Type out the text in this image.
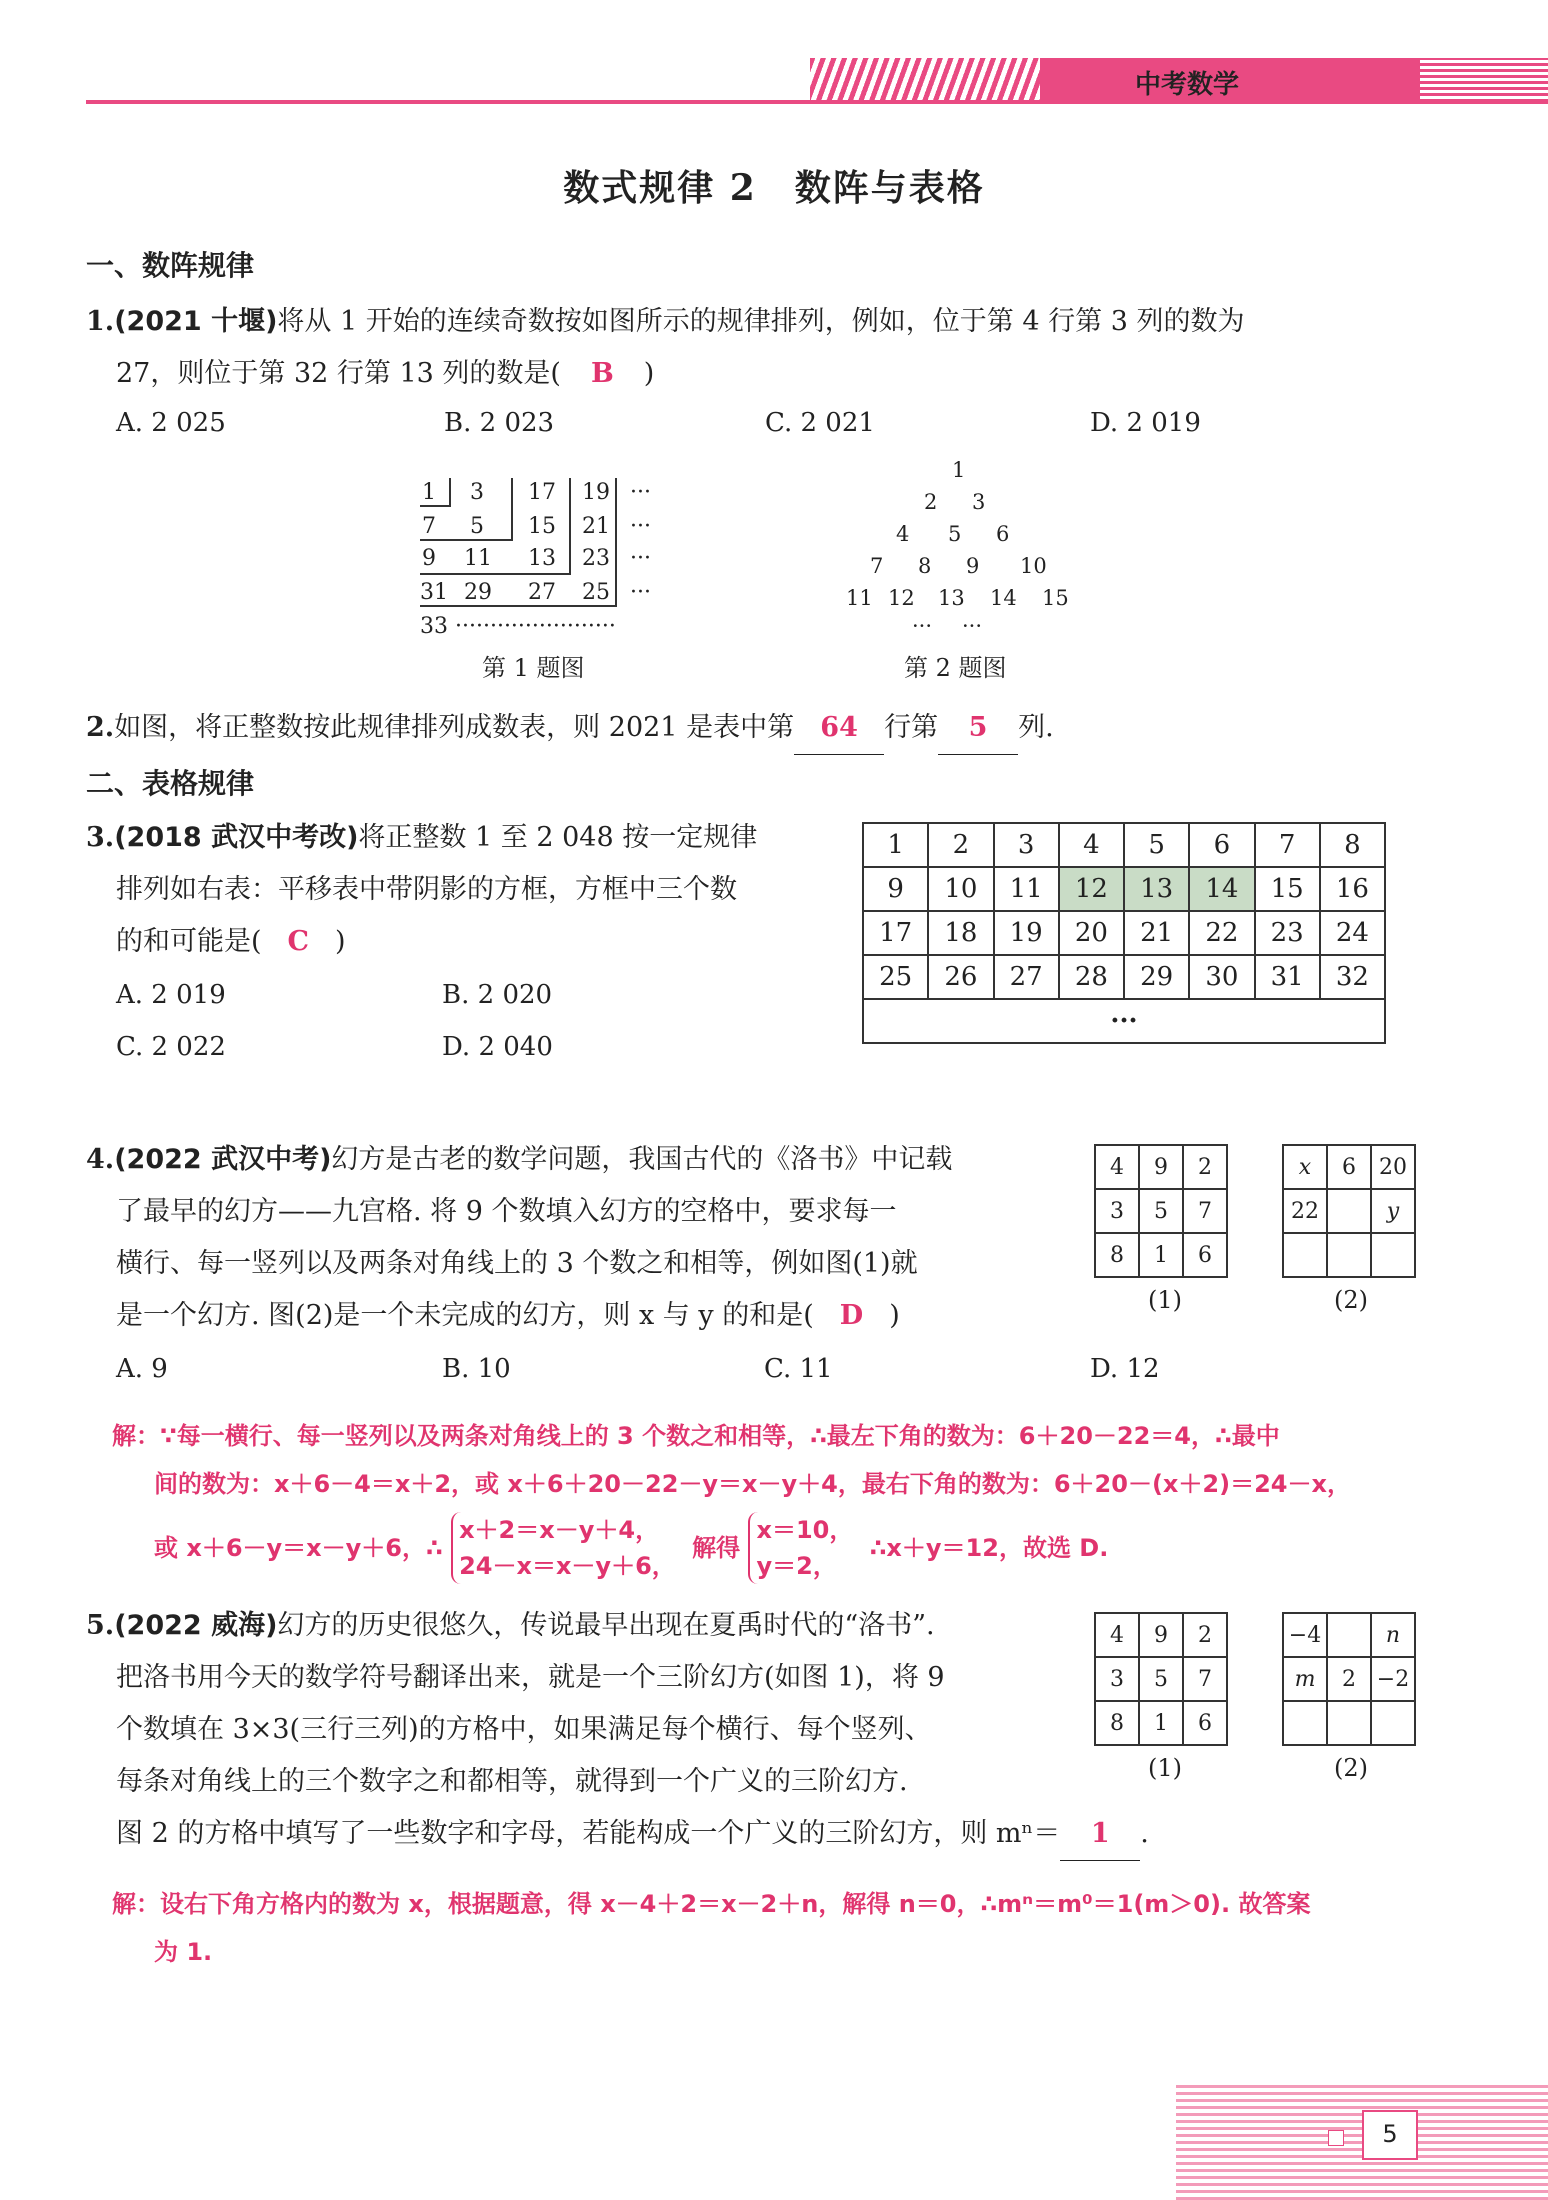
中考数学
数式规律 2　数阵与表格
一、数阵规律
1.(2021 十堰)将从 1 开始的连续奇数按如图所示的规律排列，例如，位于第 4 行第 3 列的数为
27，则位于第 32 行第 13 列的数是( B )
A. 2 025	B. 2 023	C. 2 021	D. 2 019
1 3 17 19 ···
7 5 15 21 ···
9 11 13 23 ···
31 29 27 25 ···
33 ·······················
第 1 题图
1
2 3
4 5 6
7 8 9 10
11 12 13 14 15
··· ···
第 2 题图
2.如图，将正整数按此规律排列成数表，则 2021 是表中第 64 行第 5 列.
二、表格规律
3.(2018 武汉中考改)将正整数 1 至 2 048 按一定规律
排列如右表：平移表中带阴影的方框，方框中三个数
的和可能是( C )
A. 2 019	B. 2 020
C. 2 022	D. 2 040
1	2	3	4	5	6	7	8
9	10	11	12	13	14	15	16
17	18	19	20	21	22	23	24
25	26	27	28	29	30	31	32
···							
4.(2022 武汉中考)幻方是古老的数学问题，我国古代的《洛书》中记载
了最早的幻方——九宫格. 将 9 个数填入幻方的空格中，要求每一
横行、每一竖列以及两条对角线上的 3 个数之和相等，例如图(1)就
是一个幻方. 图(2)是一个未完成的幻方，则 x 与 y 的和是( D )
A. 9	B. 10	C. 11	D. 12
4	9	2
3	5	7
8	1	6
(1)
x	6	20
22		y

(2)
解：∵每一横行、每一竖列以及两条对角线上的 3 个数之和相等，∴最左下角的数为：6＋20－22＝4，∴最中
间的数为：x＋6－4＝x＋2，或 x＋6＋20－22－y＝x－y＋4，最右下角的数为：6＋20－(x＋2)＝24－x，
或 x＋6－y＝x－y＋6，∴
x＋2＝x－y＋4，
24－x＝x－y＋6，
解得
x＝10，
y＝2，
∴x＋y＝12，故选 D.
5.(2022 威海)幻方的历史很悠久，传说最早出现在夏禹时代的“洛书”.
把洛书用今天的数学符号翻译出来，就是一个三阶幻方(如图 1)，将 9
个数填在 3×3(三行三列)的方格中，如果满足每个横行、每个竖列、
每条对角线上的三个数字之和都相等，就得到一个广义的三阶幻方.
图 2 的方格中填写了一些数字和字母，若能构成一个广义的三阶幻方，则 mⁿ＝ 1 .
4	9	2
3	5	7
8	1	6
(1)
−4		n
m	2	−2

(2)
解：设右下角方格内的数为 x，根据题意，得 x－4＋2＝x－2＋n，解得 n＝0，∴mⁿ＝m⁰＝1(m＞0). 故答案
为 1.
5
